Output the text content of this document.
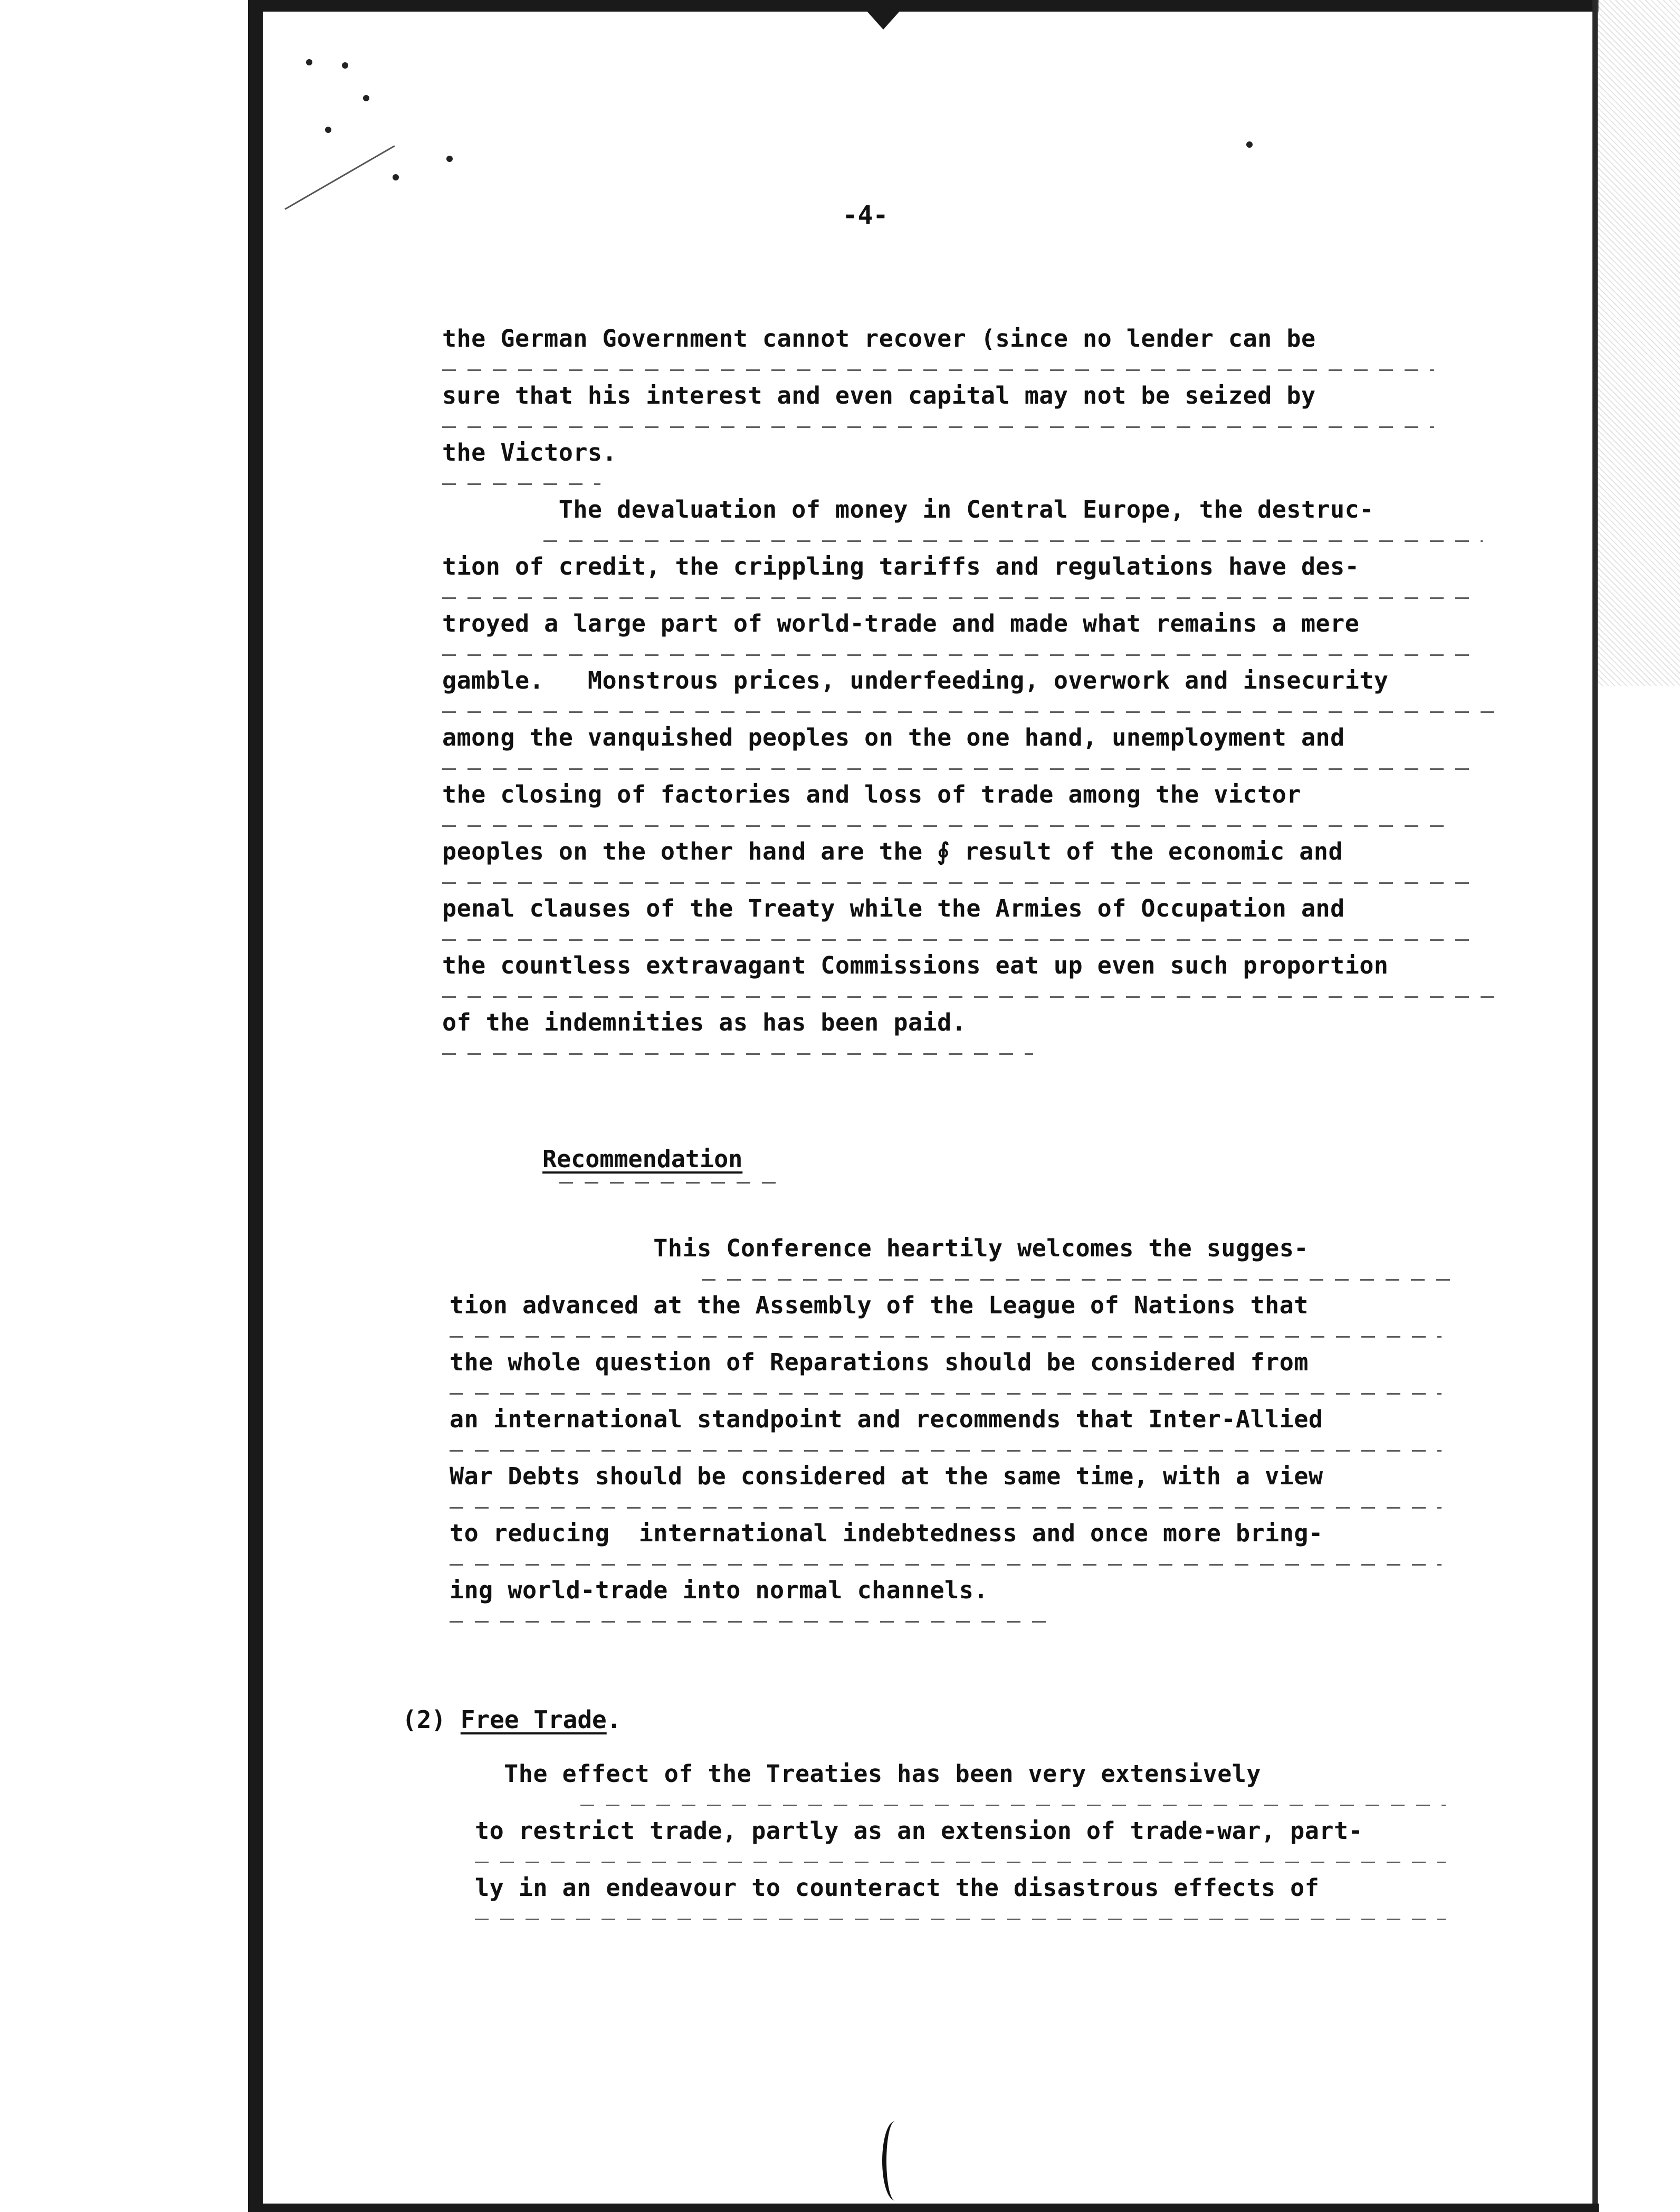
-4-
the German Government cannot recover (since no lender can be
sure that his interest and even capital may not be seized by
the Victors.
The devaluation of money in Central Europe, the destruc-
tion of credit, the crippling tariffs and regulations have des-
troyed a large part of world-trade and made what remains a mere
gamble.   Monstrous prices, underfeeding, overwork and insecurity
among the vanquished peoples on the one hand, unemployment and
the closing of factories and loss of trade among the victor
peoples on the other hand are the ∮ result of the economic and
penal clauses of the Treaty while the Armies of Occupation and
the countless extravagant Commissions eat up even such proportion
of the indemnities as has been paid.
Recommendation
This Conference heartily welcomes the sugges-
tion advanced at the Assembly of the League of Nations that
the whole question of Reparations should be considered from
an international standpoint and recommends that Inter-Allied
War Debts should be considered at the same time, with a view
to reducing  international indebtedness and once more bring-
ing world-trade into normal channels.
(2) Free Trade.
The effect of the Treaties has been very extensively
to restrict trade, partly as an extension of trade-war, part-
ly in an endeavour to counteract the disastrous effects of
